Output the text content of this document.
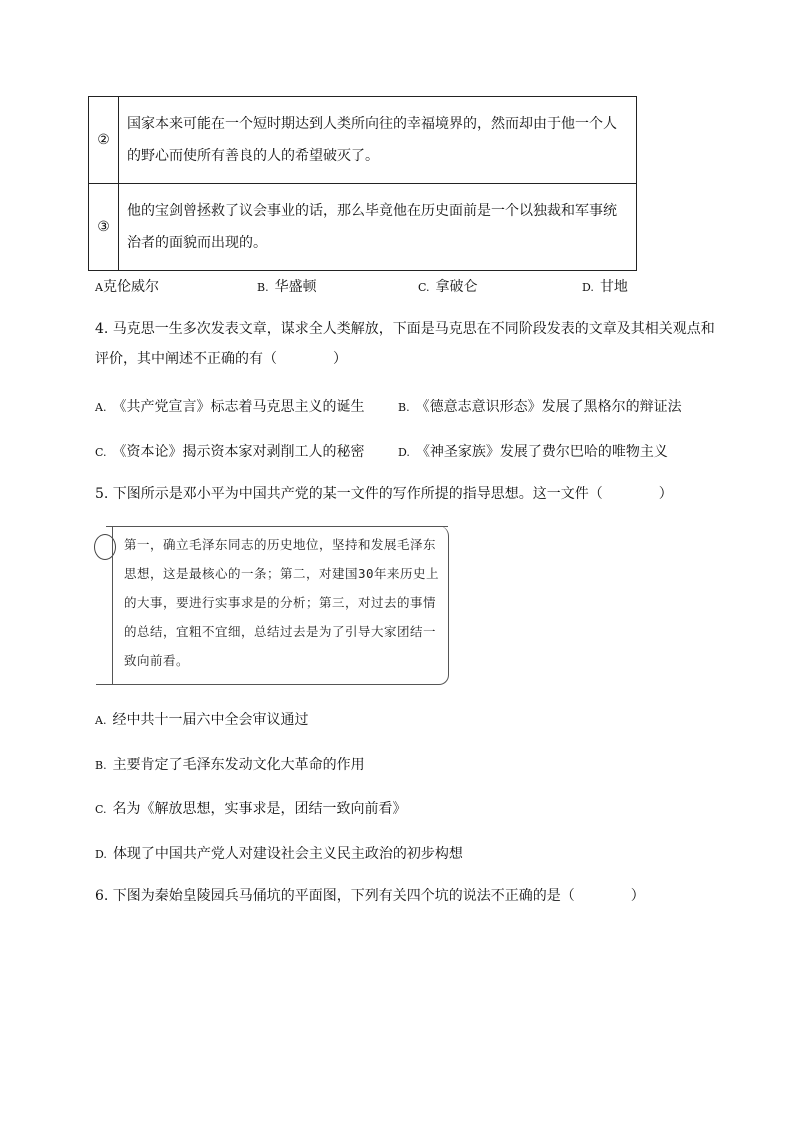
②	国家本来可能在一个短时期达到人类所向往的幸福境界的，然而却由于他一个人的野心而使所有善良的人的希望破灭了。
③	他的宝剑曾拯救了议会事业的话，那么毕竟他在历史面前是一个以独裁和军事统治者的面貌而出现的。
A克伦威尔	B. 华盛顿	C. 拿破仑	D. 甘地
4. 马克思一生多次发表文章，谋求全人类解放，下面是马克思在不同阶段发表的文章及其相关观点和评价，其中阐述不正确的有（　　　　）
A. 《共产党宣言》标志着马克思主义的诞生	B. 《德意志意识形态》发展了黑格尔的辩证法
C. 《资本论》揭示资本家对剥削工人的秘密	D. 《神圣家族》发展了费尔巴哈的唯物主义
5. 下图所示是邓小平为中国共产党的某一文件的写作所提的指导思想。这一文件（　　　　）
第一，确立毛泽东同志的历史地位，坚持和发展毛泽东思想，这是最核心的一条；第二，对建国30年来历史上的大事，要进行实事求是的分析；第三，对过去的事情的总结，宜粗不宜细，总结过去是为了引导大家团结一致向前看。
A. 经中共十一届六中全会审议通过
B. 主要肯定了毛泽东发动文化大革命的作用
C. 名为《解放思想，实事求是，团结一致向前看》
D. 体现了中国共产党人对建设社会主义民主政治的初步构想
6. 下图为秦始皇陵园兵马俑坑的平面图，下列有关四个坑的说法不正确的是（　　　　）
